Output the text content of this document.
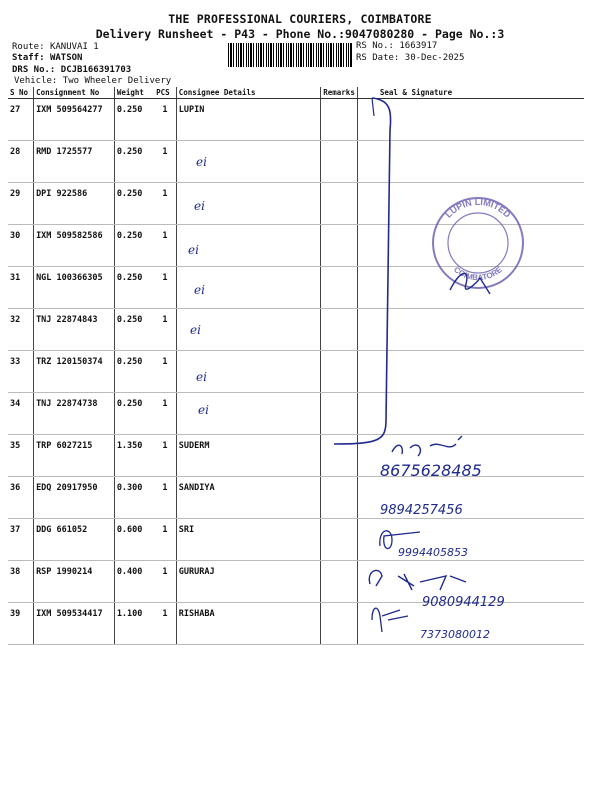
THE PROFESSIONAL COURIERS, COIMBATORE
Delivery Runsheet - P43 - Phone No.:9047080280 - Page No.:3
Route: KANUVAI 1
Staff: WATSON
DRS No.: DCJB166391703
Vehicle: Two Wheeler Delivery
RS No.: 1663917
RS Date: 30-Dec-2025
S No	Consignment No	Weight	PCS	Consignee Details	Remarks	Seal & Signature
27	IXM 509564277	0.250	1	LUPIN		
28	RMD 1725577	0.250	1			
29	DPI 922586	0.250	1			
30	IXM 509582586	0.250	1			
31	NGL 100366305	0.250	1			
32	TNJ 22874843	0.250	1			
33	TRZ 120150374	0.250	1			
34	TNJ 22874738	0.250	1			
35	TRP 6027215	1.350	1	SUDERM		
36	EDQ 20917950	0.300	1	SANDIYA		
37	DDG 661052	0.600	1	SRI		
38	RSP 1990214	0.400	1	GURURAJ		
39	IXM 509534417	1.100	1	RISHABA		
LUPIN LIMITED
COIMBATORE
ei
ei
ei
ei
ei
ei
ei
8675628485
9894257456
9994405853
9080944129
7373080012
